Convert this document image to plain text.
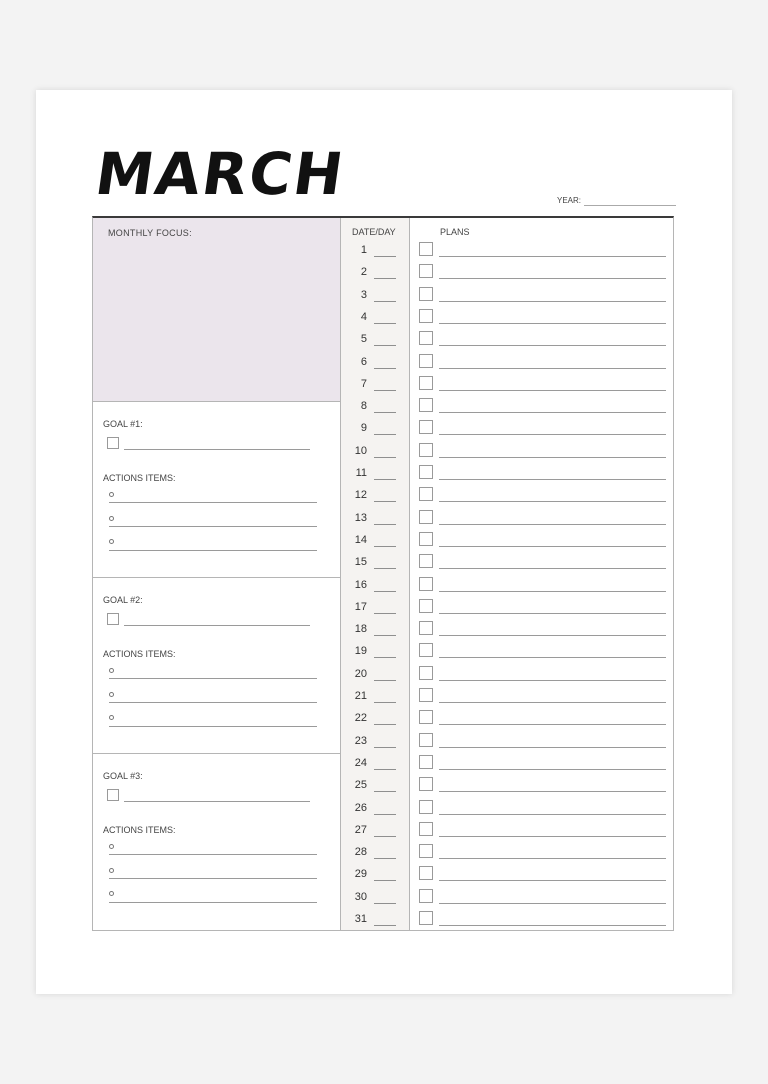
MARCH	YEAR:
MONTHLY FOCUS:
GOAL #1:
ACTIONS ITEMS:
GOAL #2:
ACTIONS ITEMS:
GOAL #3:
ACTIONS ITEMS:
DATE/DAY
1
2
3
4
5
6
7
8
9
10
11
12
13
14
15
16
17
18
19
20
21
22
23
24
25
26
27
28
29
30
31
PLANS
